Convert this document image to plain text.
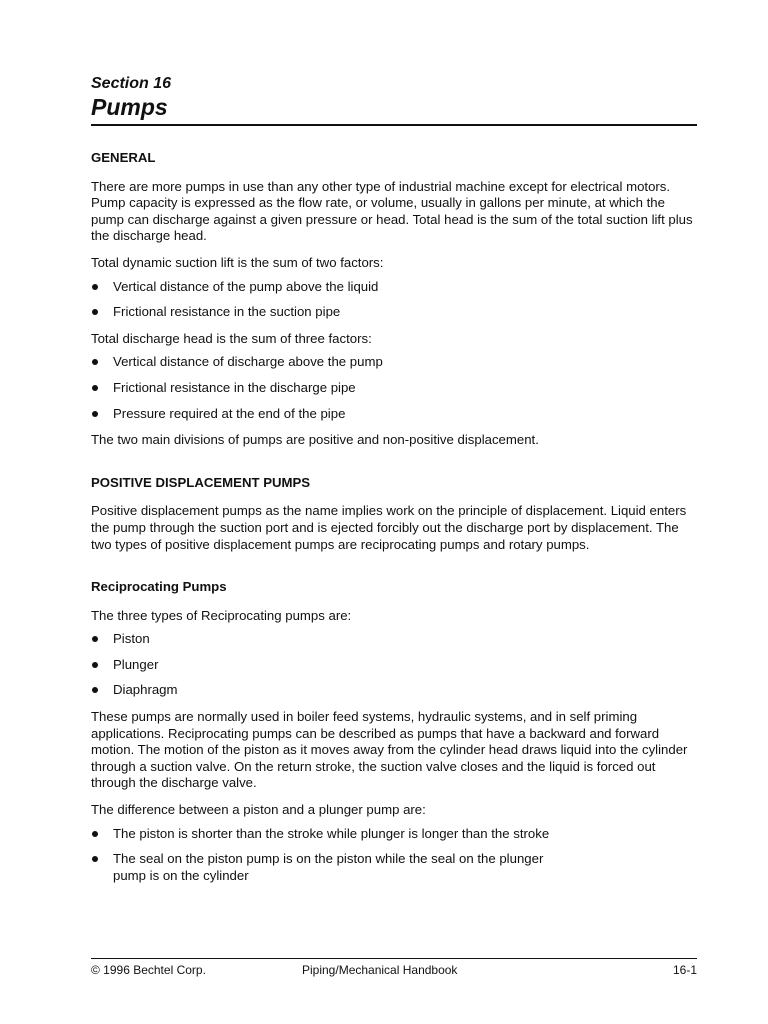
Section 16
Pumps
GENERAL

There are more pumps in use than any other type of industrial machine except for electrical motors. Pump capacity is expressed as the flow rate, or volume, usually in gallons per minute, at which the pump can discharge against a given pressure or head. Total head is the sum of the total suction lift plus the discharge head.

Total dynamic suction lift is the sum of two factors:

Vertical distance of the pump above the liquid
Frictional resistance in the suction pipe

Total discharge head is the sum of three factors:

Vertical distance of discharge above the pump
Frictional resistance in the discharge pipe
Pressure required at the end of the pipe

The two main divisions of pumps are positive and non-positive displacement.

POSITIVE DISPLACEMENT PUMPS

Positive displacement pumps as the name implies work on the principle of displacement. Liquid enters the pump through the suction port and is ejected forcibly out the discharge port by displacement. The two types of positive displacement pumps are reciprocating pumps and rotary pumps.

Reciprocating Pumps

The three types of Reciprocating pumps are:

Piston
Plunger
Diaphragm

These pumps are normally used in boiler feed systems, hydraulic systems, and in self priming applications. Reciprocating pumps can be described as pumps that have a backward and forward motion. The motion of the piston as it moves away from the cylinder head draws liquid into the cylinder through a suction valve. On the return stroke, the suction valve closes and the liquid is forced out through the discharge valve.

The difference between a piston and a plunger pump are:

The piston is shorter than the stroke while plunger is longer than the stroke
The seal on the piston pump is on the piston while the seal on the plunger pump is on the cylinder
© 1996 Bechtel Corp.	Piping/Mechanical Handbook	16-1
